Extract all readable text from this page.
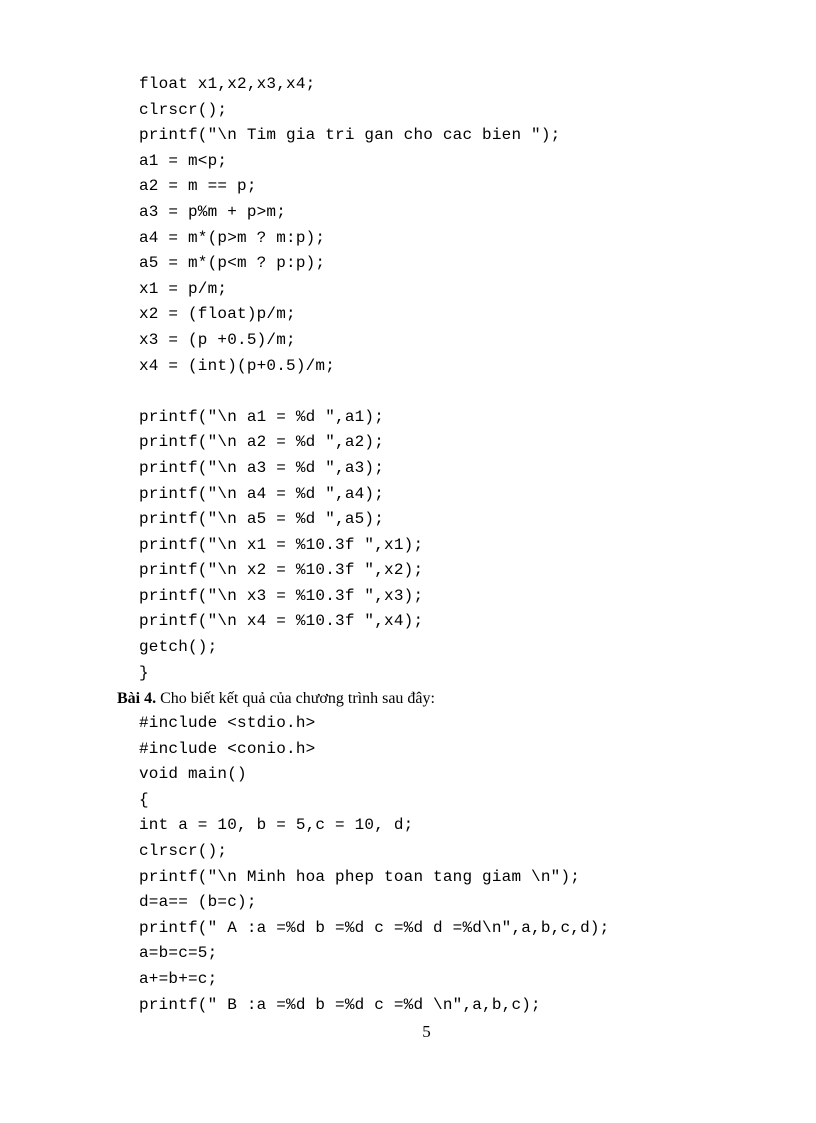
float x1,x2,x3,x4;
clrscr();
printf("\n Tim gia tri gan cho cac bien ");
a1 = m<p;
a2 = m == p;
a3 = p%m + p>m;
a4 = m*(p>m ? m:p);
a5 = m*(p<m ? p:p);
x1 = p/m;
x2 = (float)p/m;
x3 = (p +0.5)/m;
x4 = (int)(p+0.5)/m;
printf("\n a1 = %d ",a1);
printf("\n a2 = %d ",a2);
printf("\n a3 = %d ",a3);
printf("\n a4 = %d ",a4);
printf("\n a5 = %d ",a5);
printf("\n x1 = %10.3f ",x1);
printf("\n x2 = %10.3f ",x2);
printf("\n x3 = %10.3f ",x3);
printf("\n x4 = %10.3f ",x4);
getch();
}
Bài 4. Cho biết kết quả của chương trình sau đây:
#include <stdio.h>
#include <conio.h>
void main()
{
int a = 10, b = 5,c = 10, d;
clrscr();
printf("\n Minh hoa phep toan tang giam \n");
d=a== (b=c);
printf(" A :a =%d b =%d c =%d d =%d\n",a,b,c,d);
a=b=c=5;
a+=b+=c;
printf(" B :a =%d b =%d c =%d \n",a,b,c);
5
